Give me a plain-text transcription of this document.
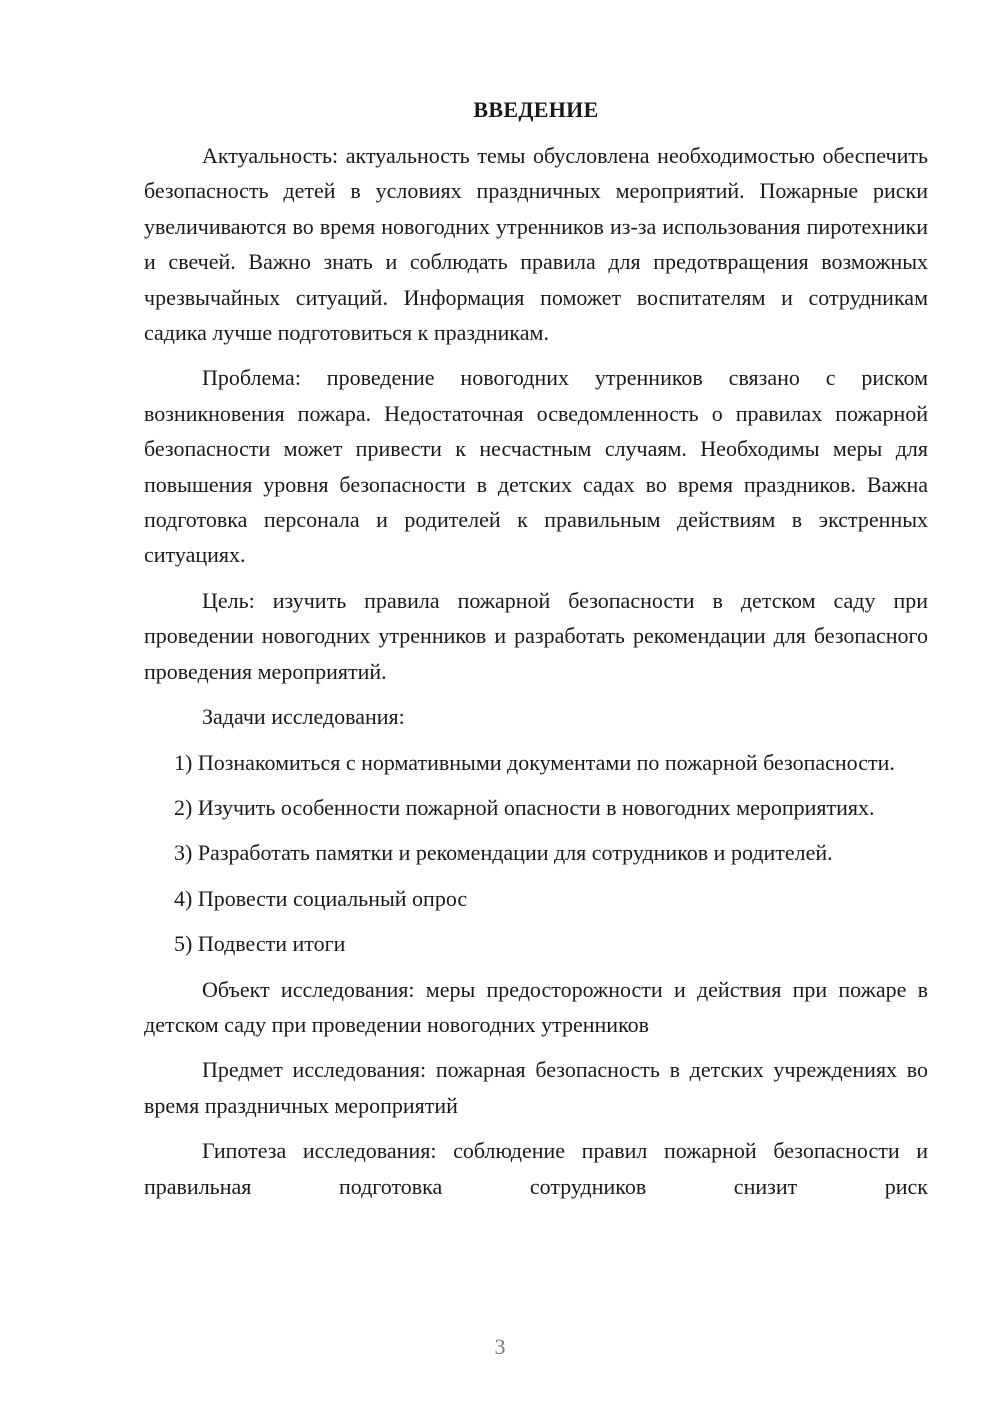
ВВЕДЕНИЕ

Актуальность: актуальность темы обусловлена необходимостью обеспечить безопасность детей в условиях праздничных мероприятий. Пожарные риски увеличиваются во время новогодних утренников из-за использования пиротехники и свечей. Важно знать и соблюдать правила для предотвращения возможных чрезвычайных ситуаций. Информация поможет воспитателям и сотрудникам садика лучше подготовиться к праздникам.

Проблема: проведение новогодних утренников связано с риском возникновения пожара. Недостаточная осведомленность о правилах пожарной безопасности может привести к несчастным случаям. Необходимы меры для повышения уровня безопасности в детских садах во время праздников. Важна подготовка персонала и родителей к правильным действиям в экстренных ситуациях.

Цель: изучить правила пожарной безопасности в детском саду при проведении новогодних утренников и разработать рекомендации для безопасного проведения мероприятий.

Задачи исследования:

1) Познакомиться с нормативными документами по пожарной безопасности.

2) Изучить особенности пожарной опасности в новогодних мероприятиях.

3) Разработать памятки и рекомендации для сотрудников и родителей.

4) Провести социальный опрос

5) Подвести итоги

Объект исследования: меры предосторожности и действия при пожаре в детском саду при проведении новогодних утренников

Предмет исследования: пожарная безопасность в детских учреждениях во время праздничных мероприятий

Гипотеза исследования: соблюдение правил пожарной безопасности и правильная подготовка сотрудников снизит риск

3
